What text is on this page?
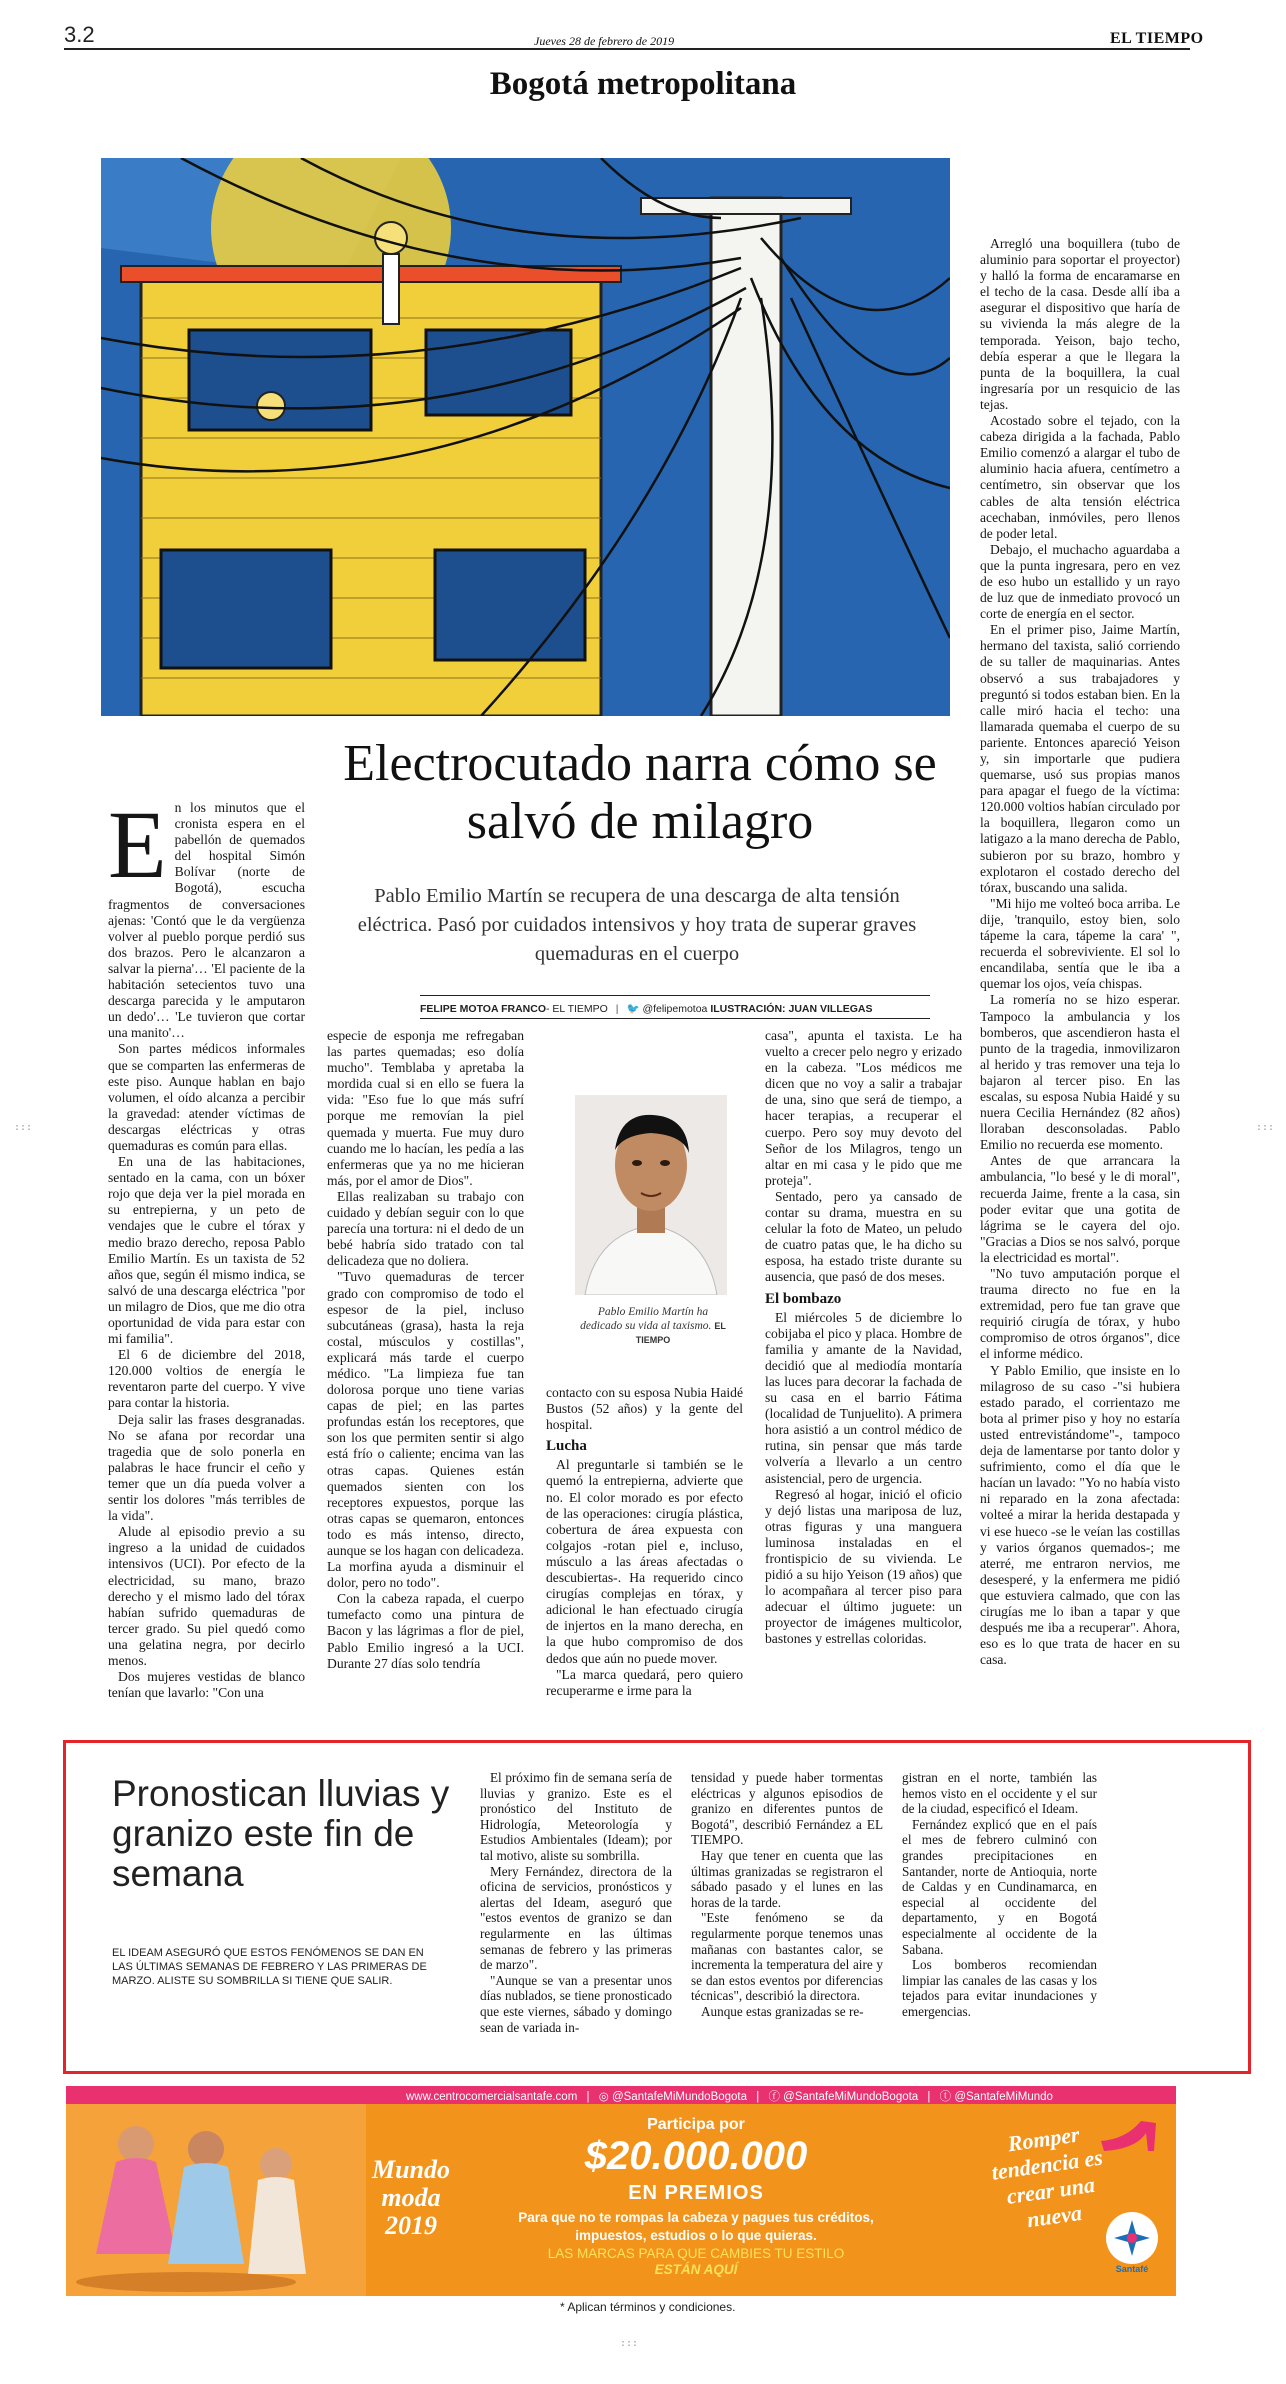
3.2	Jueves 28 de febrero de 2019	EL TIEMPO
Bogotá metropolitana
Electrocutado narra cómo se salvó de milagro
Pablo Emilio Martín se recupera de una descarga de alta tensión eléctrica. Pasó por cuidados intensivos y hoy trata de superar graves quemaduras en el cuerpo
FELIPE MOTOA FRANCO- EL TIEMPO | 🐦 @felipemotoa ILUSTRACIÓN: JUAN VILLEGAS
E n los minutos que el cronista espera en el pabellón de quemados del hospital Simón Bolívar (norte de Bogotá), escucha fragmentos de conversaciones ajenas: 'Contó que le da vergüenza volver al pueblo porque perdió sus dos brazos. Pero le alcanzaron a salvar la pierna'… 'El paciente de la habitación setecientos tuvo una descarga parecida y le amputaron un dedo'… 'Le tuvieron que cortar una manito'…

Son partes médicos informales que se comparten las enfermeras de este piso. Aunque hablan en bajo volumen, el oído alcanza a percibir la gravedad: atender víctimas de descargas eléctricas y otras quemaduras es común para ellas.

En una de las habitaciones, sentado en la cama, con un bóxer rojo que deja ver la piel morada en su entrepierna, y un peto de vendajes que le cubre el tórax y medio brazo derecho, reposa Pablo Emilio Martín. Es un taxista de 52 años que, según él mismo indica, se salvó de una descarga eléctrica "por un milagro de Dios, que me dio otra oportunidad de vida para estar con mi familia".

El 6 de diciembre del 2018, 120.000 voltios de energía le reventaron parte del cuerpo. Y vive para contar la historia.

Deja salir las frases desgranadas. No se afana por recordar una tragedia que de solo ponerla en palabras le hace fruncir el ceño y temer que un día pueda volver a sentir los dolores "más terribles de la vida".

Alude al episodio previo a su ingreso a la unidad de cuidados intensivos (UCI). Por efecto de la electricidad, su mano, brazo derecho y el mismo lado del tórax habían sufrido quemaduras de tercer grado. Su piel quedó como una gelatina negra, por decirlo menos.

Dos mujeres vestidas de blanco tenían que lavarlo: "Con una

especie de esponja me refregaban las partes quemadas; eso dolía mucho". Temblaba y apretaba la mordida cual si en ello se fuera la vida: "Eso fue lo que más sufrí porque me removían la piel quemada y muerta. Fue muy duro cuando me lo hacían, les pedía a las enfermeras que ya no me hicieran más, por el amor de Dios".

Ellas realizaban su trabajo con cuidado y debían seguir con lo que parecía una tortura: ni el dedo de un bebé habría sido tratado con tal delicadeza que no doliera.

"Tuvo quemaduras de tercer grado con compromiso de todo el espesor de la piel, incluso subcutáneas (grasa), hasta la reja costal, músculos y costillas", explicará más tarde el cuerpo médico. "La limpieza fue tan dolorosa porque uno tiene varias capas de piel; en las partes profundas están los receptores, que son los que permiten sentir si algo está frío o caliente; encima van las otras capas. Quienes están quemados sienten con los receptores expuestos, porque las otras capas se quemaron, entonces todo es más intenso, directo, aunque se los hagan con delicadeza. La morfina ayuda a disminuir el dolor, pero no todo".

Con la cabeza rapada, el cuerpo tumefacto como una pintura de Bacon y las lágrimas a flor de piel, Pablo Emilio ingresó a la UCI. Durante 27 días solo tendría

Pablo Emilio Martín ha dedicado su vida al taxismo. EL TIEMPO

contacto con su esposa Nubia Haidé Bustos (52 años) y la gente del hospital.

Lucha

Al preguntarle si también se le quemó la entrepierna, advierte que no. El color morado es por efecto de las operaciones: cirugía plástica, cobertura de área expuesta con colgajos -rotan piel e, incluso, músculo a las áreas afectadas o descubiertas-. Ha requerido cinco cirugías complejas en tórax, y adicional le han efectuado cirugía de injertos en la mano derecha, en la que hubo compromiso de dos dedos que aún no puede mover.

"La marca quedará, pero quiero recuperarme e irme para la

casa", apunta el taxista. Le ha vuelto a crecer pelo negro y erizado en la cabeza. "Los médicos me dicen que no voy a salir a trabajar de una, sino que será de tiempo, a hacer terapias, a recuperar el cuerpo. Pero soy muy devoto del Señor de los Milagros, tengo un altar en mi casa y le pido que me proteja".

Sentado, pero ya cansado de contar su drama, muestra en su celular la foto de Mateo, un peludo de cuatro patas que, le ha dicho su esposa, ha estado triste durante su ausencia, que pasó de dos meses.

El bombazo

El miércoles 5 de diciembre lo cobijaba el pico y placa. Hombre de familia y amante de la Navidad, decidió que al mediodía montaría las luces para decorar la fachada de su casa en el barrio Fátima (localidad de Tunjuelito). A primera hora asistió a un control médico de rutina, sin pensar que más tarde volvería a llevarlo a un centro asistencial, pero de urgencia.

Regresó al hogar, inició el oficio y dejó listas una mariposa de luz, otras figuras y una manguera luminosa instaladas en el frontispicio de su vivienda. Le pidió a su hijo Yeison (19 años) que lo acompañara al tercer piso para adecuar el último juguete: un proyector de imágenes multicolor, bastones y estrellas coloridas.

Arregló una boquillera (tubo de aluminio para soportar el proyector) y halló la forma de encaramarse en el techo de la casa. Desde allí iba a asegurar el dispositivo que haría de su vivienda la más alegre de la temporada. Yeison, bajo techo, debía esperar a que le llegara la punta de la boquillera, la cual ingresaría por un resquicio de las tejas.

Acostado sobre el tejado, con la cabeza dirigida a la fachada, Pablo Emilio comenzó a alargar el tubo de aluminio hacia afuera, centímetro a centímetro, sin observar que los cables de alta tensión eléctrica acechaban, inmóviles, pero llenos de poder letal.

Debajo, el muchacho aguardaba a que la punta ingresara, pero en vez de eso hubo un estallido y un rayo de luz que de inmediato provocó un corte de energía en el sector.

En el primer piso, Jaime Martín, hermano del taxista, salió corriendo de su taller de maquinarias. Antes observó a sus trabajadores y preguntó si todos estaban bien. En la calle miró hacia el techo: una llamarada quemaba el cuerpo de su pariente. Entonces apareció Yeison y, sin importarle que pudiera quemarse, usó sus propias manos para apagar el fuego de la víctima: 120.000 voltios habían circulado por la boquillera, llegaron como un latigazo a la mano derecha de Pablo, subieron por su brazo, hombro y explotaron el costado derecho del tórax, buscando una salida.

"Mi hijo me volteó boca arriba. Le dije, 'tranquilo, estoy bien, solo tápeme la cara, tápeme la cara' ", recuerda el sobreviviente. El sol lo encandilaba, sentía que le iba a quemar los ojos, veía chispas.

La romería no se hizo esperar. Tampoco la ambulancia y los bomberos, que ascendieron hasta el punto de la tragedia, inmovilizaron al herido y tras remover una teja lo bajaron al tercer piso. En las escalas, su esposa Nubia Haidé y su nuera Cecilia Hernández (82 años) lloraban desconsoladas. Pablo Emilio no recuerda ese momento.

Antes de que arrancara la ambulancia, "lo besé y le di moral", recuerda Jaime, frente a la casa, sin poder evitar que una gotita de lágrima se le cayera del ojo. "Gracias a Dios se nos salvó, porque la electricidad es mortal".

"No tuvo amputación porque el trauma directo no fue en la extremidad, pero fue tan grave que requirió cirugía de tórax, y hubo compromiso de otros órganos", dice el informe médico.

Y Pablo Emilio, que insiste en lo milagroso de su caso -"si hubiera estado parado, el corrientazo me bota al primer piso y hoy no estaría usted entrevistándome"-, tampoco deja de lamentarse por tanto dolor y sufrimiento, como el día que le hacían un lavado: "Yo no había visto ni reparado en la zona afectada: volteé a mirar la herida destapada y vi ese hueco -se le veían las costillas y varios órganos quemados-; me aterré, me entraron nervios, me desesperé, y la enfermera me pidió que estuviera calmado, que con las cirugías me lo iban a tapar y que después me iba a recuperar". Ahora, eso es lo que trata de hacer en su casa.

:::	:::
:::
Pronostican lluvias y granizo este fin de semana
EL IDEAM ASEGURÓ QUE ESTOS FENÓMENOS SE DAN EN LAS ÚLTIMAS SEMANAS DE FEBRERO Y LAS PRIMERAS DE MARZO. ALISTE SU SOMBRILLA SI TIENE QUE SALIR.

El próximo fin de semana sería de lluvias y granizo. Este es el pronóstico del Instituto de Hidrología, Meteorología y Estudios Ambientales (Ideam); por tal motivo, aliste su sombrilla.

Mery Fernández, directora de la oficina de servicios, pronósticos y alertas del Ideam, aseguró que "estos eventos de granizo se dan regularmente en las últimas semanas de febrero y las primeras de marzo".

"Aunque se van a presentar unos días nublados, se tiene pronosticado que este viernes, sábado y domingo sean de variada in-

tensidad y puede haber tormentas eléctricas y algunos episodios de granizo en diferentes puntos de Bogotá", describió Fernández a EL TIEMPO.

Hay que tener en cuenta que las últimas granizadas se registraron el sábado pasado y el lunes en las horas de la tarde.

"Este fenómeno se da regularmente porque tenemos unas mañanas con bastantes calor, se incrementa la temperatura del aire y se dan estos eventos por diferencias técnicas", describió la directora.

Aunque estas granizadas se re-

gistran en el norte, también las hemos visto en el occidente y el sur de la ciudad, especificó el Ideam.

Fernández explicó que en el país el mes de febrero culminó con grandes precipitaciones en Santander, norte de Antioquia, norte de Caldas y en Cundinamarca, en especial al occidente del departamento, y en Bogotá especialmente al occidente de la Sabana.

Los bomberos recomiendan limpiar las canales de las casas y los tejados para evitar inundaciones y emergencias.

www.centrocomercialsantafe.com | ◎ @SantafeMiMundoBogota | ⓕ @SantafeMiMundoBogota | ⓣ @SantafeMiMundo
Mundo moda 2019
Participa por
$20.000.000
EN PREMIOS
Para que no te rompas la cabeza y pagues tus créditos,
impuestos, estudios o lo que quieras.
LAS MARCAS PARA QUE CAMBIES TU ESTILO
ESTÁN AQUÍ
Romper tendencia es crear una nueva
Santafé
* Aplican términos y condiciones.
